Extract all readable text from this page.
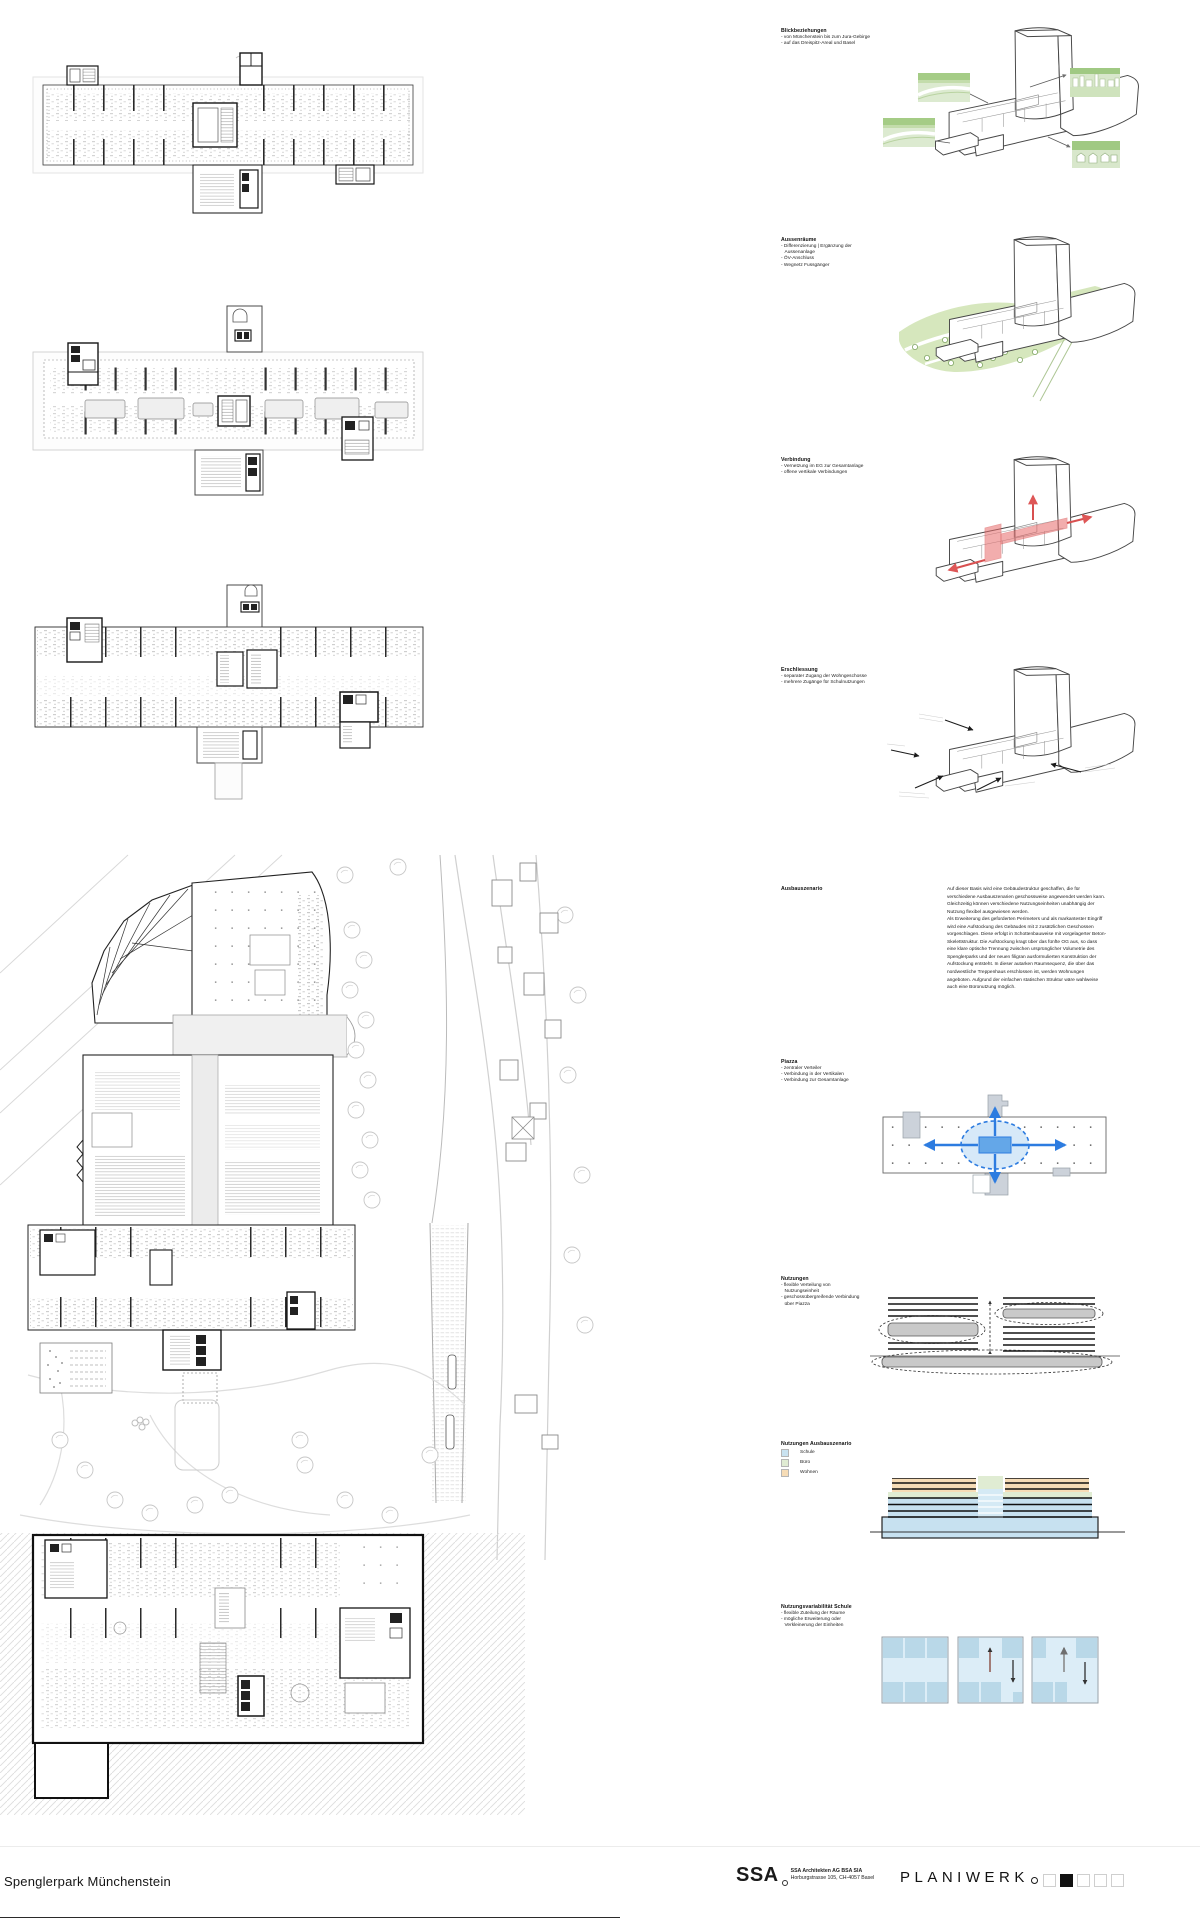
Blickbeziehungen
- von Münchenstein bis zum Jura-Gebirge
- auf das Dreispitz-Areal und Basel
Aussenräume
- Differenzierung | Ergänzung der Aussenanlage
- ÖV-Anschluss
- Wegnetz Fussgänger
Verbindung
- Vernetzung im EG zur Gesamtanlage
- offene vertikale Verbindungen
Erschliessung
- separater Zugang der Wohngeschosse
- mehrere Zugänge für Schulnutzungen
Ausbauszenario	Auf dieser Basis wird eine Gebäudestruktur geschaffen, die für verschiedene Ausbauszenarien geschossweise angewendet werden kann. Gleichzeitig können verschiedene Nutzungseinheiten unabhängig der Nutzung flexibel ausgewiesen werden.
Als Erweiterung des geforderten Perimeters und als markantester Eingriff wird eine Aufstockung des Gebäudes mit 2 zusätzlichen Geschossen vorgeschlagen. Diese erfolgt in Schottenbauweise mit vorgelagerter Beton-Skelettstruktur. Die Aufstockung kragt über das fünfte OG aus, so dass eine klare optische Trennung zwischen ursprünglicher Volumetrie des Spenglerparks und der neuen filigran ausformulierten Konstruktion der Aufstockung entsteht. In dieser autarken Raumsequenz, die über das nordwestliche Treppenhaus erschlossen ist, werden Wohnungen angeboten. Aufgrund der einfachen statischen Struktur wäre wahlweise auch eine Büronutzung möglich.
Piazza
- zentraler Verteiler
- Verbindung in der Vertikalen
- Verbindung zur Gesamtanlage
Nutzungen
- flexible Verteilung von Nutzungseinheit
- geschossübergreifende Verbindung über Piazza
Nutzungen Ausbauszenario
Schule
Büro
Wohnen
Nutzungsvariabilität Schule
- flexible Zuteilung der Räume
- mögliche Erweiterung oder Verkleinerung der Einheiten
Spenglerpark Münchenstein	SSA SSA Architekten AG BSA SIA
Horburgstrasse 105, CH-4057 Basel PLANIWERK
